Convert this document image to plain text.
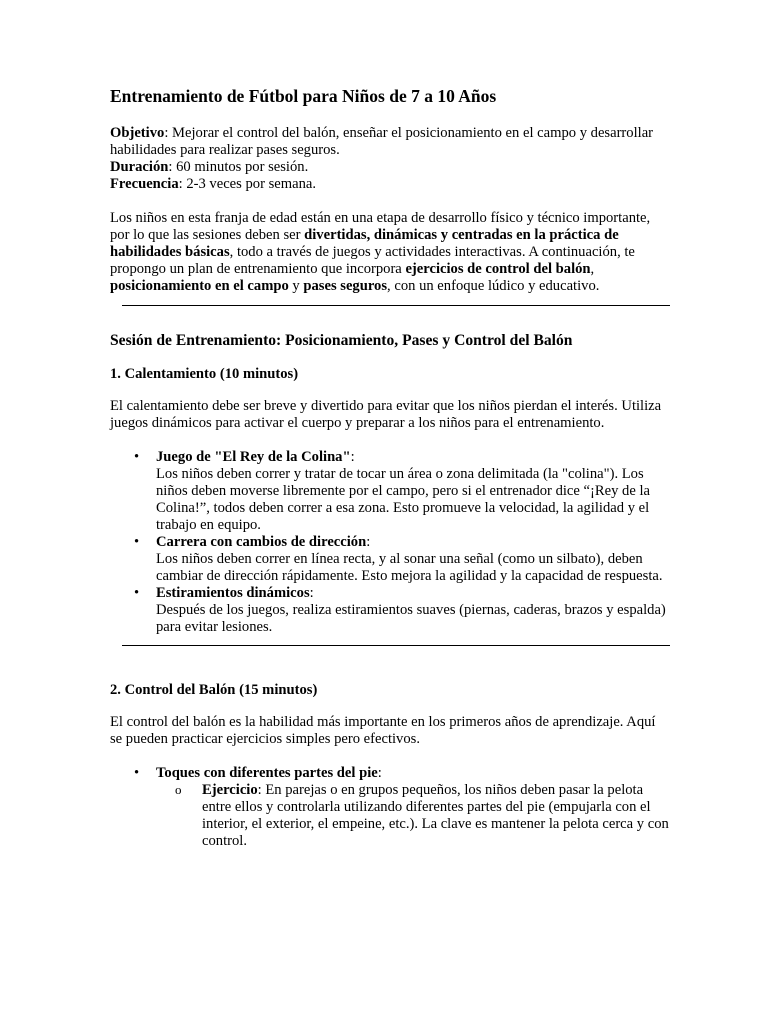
Entrenamiento de Fútbol para Niños de 7 a 10 Años

Objetivo: Mejorar el control del balón, enseñar el posicionamiento en el campo y desarrollar habilidades para realizar pases seguros.

Duración: 60 minutos por sesión.

Frecuencia: 2-3 veces por semana.

Los niños en esta franja de edad están en una etapa de desarrollo físico y técnico importante, por lo que las sesiones deben ser divertidas, dinámicas y centradas en la práctica de habilidades básicas, todo a través de juegos y actividades interactivas. A continuación, te propongo un plan de entrenamiento que incorpora ejercicios de control del balón, posicionamiento en el campo y pases seguros, con un enfoque lúdico y educativo.

Sesión de Entrenamiento: Posicionamiento, Pases y Control del Balón
1. Calentamiento (10 minutos)

El calentamiento debe ser breve y divertido para evitar que los niños pierdan el interés. Utiliza juegos dinámicos para activar el cuerpo y preparar a los niños para el entrenamiento.

• Juego de "El Rey de la Colina":
Los niños deben correr y tratar de tocar un área o zona delimitada (la "colina"). Los niños deben moverse libremente por el campo, pero si el entrenador dice “¡Rey de la Colina!”, todos deben correr a esa zona. Esto promueve la velocidad, la agilidad y el trabajo en equipo.
• Carrera con cambios de dirección:
Los niños deben correr en línea recta, y al sonar una señal (como un silbato), deben cambiar de dirección rápidamente. Esto mejora la agilidad y la capacidad de respuesta.
• Estiramientos dinámicos:
Después de los juegos, realiza estiramientos suaves (piernas, caderas, brazos y espalda) para evitar lesiones.
2. Control del Balón (15 minutos)

El control del balón es la habilidad más importante en los primeros años de aprendizaje. Aquí se pueden practicar ejercicios simples pero efectivos.

• Toques con diferentes partes del pie:
o Ejercicio: En parejas o en grupos pequeños, los niños deben pasar la pelota entre ellos y controlarla utilizando diferentes partes del pie (empujarla con el interior, el exterior, el empeine, etc.). La clave es mantener la pelota cerca y con control.
